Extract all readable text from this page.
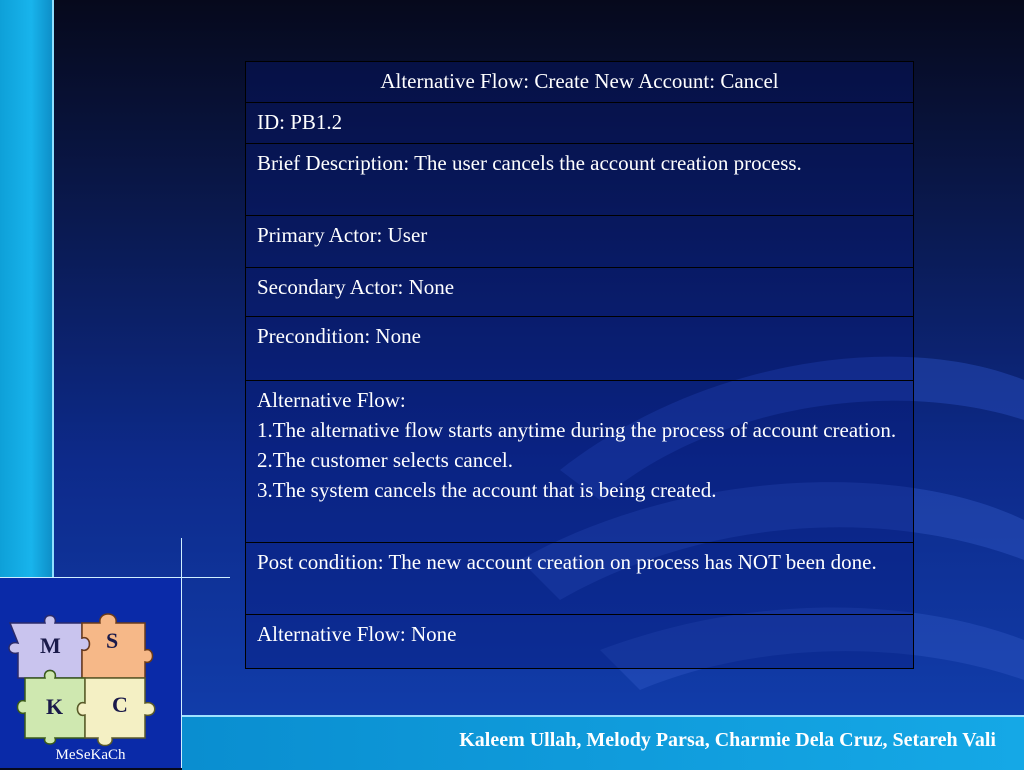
M S
K C
MeSeKaCh
Alternative Flow: Create New Account: Cancel
ID: PB1.2
Brief Description: The user cancels the account creation process.
Primary Actor: User
Secondary Actor: None
Precondition: None

Alternative Flow:
1.The alternative flow starts anytime during the process of account creation.
2.The customer selects cancel.
3.The system cancels the account that is being created.

Post condition: The new account creation on process has NOT been done.
Alternative Flow: None
Kaleem Ullah, Melody Parsa, Charmie Dela Cruz, Setareh Vali
